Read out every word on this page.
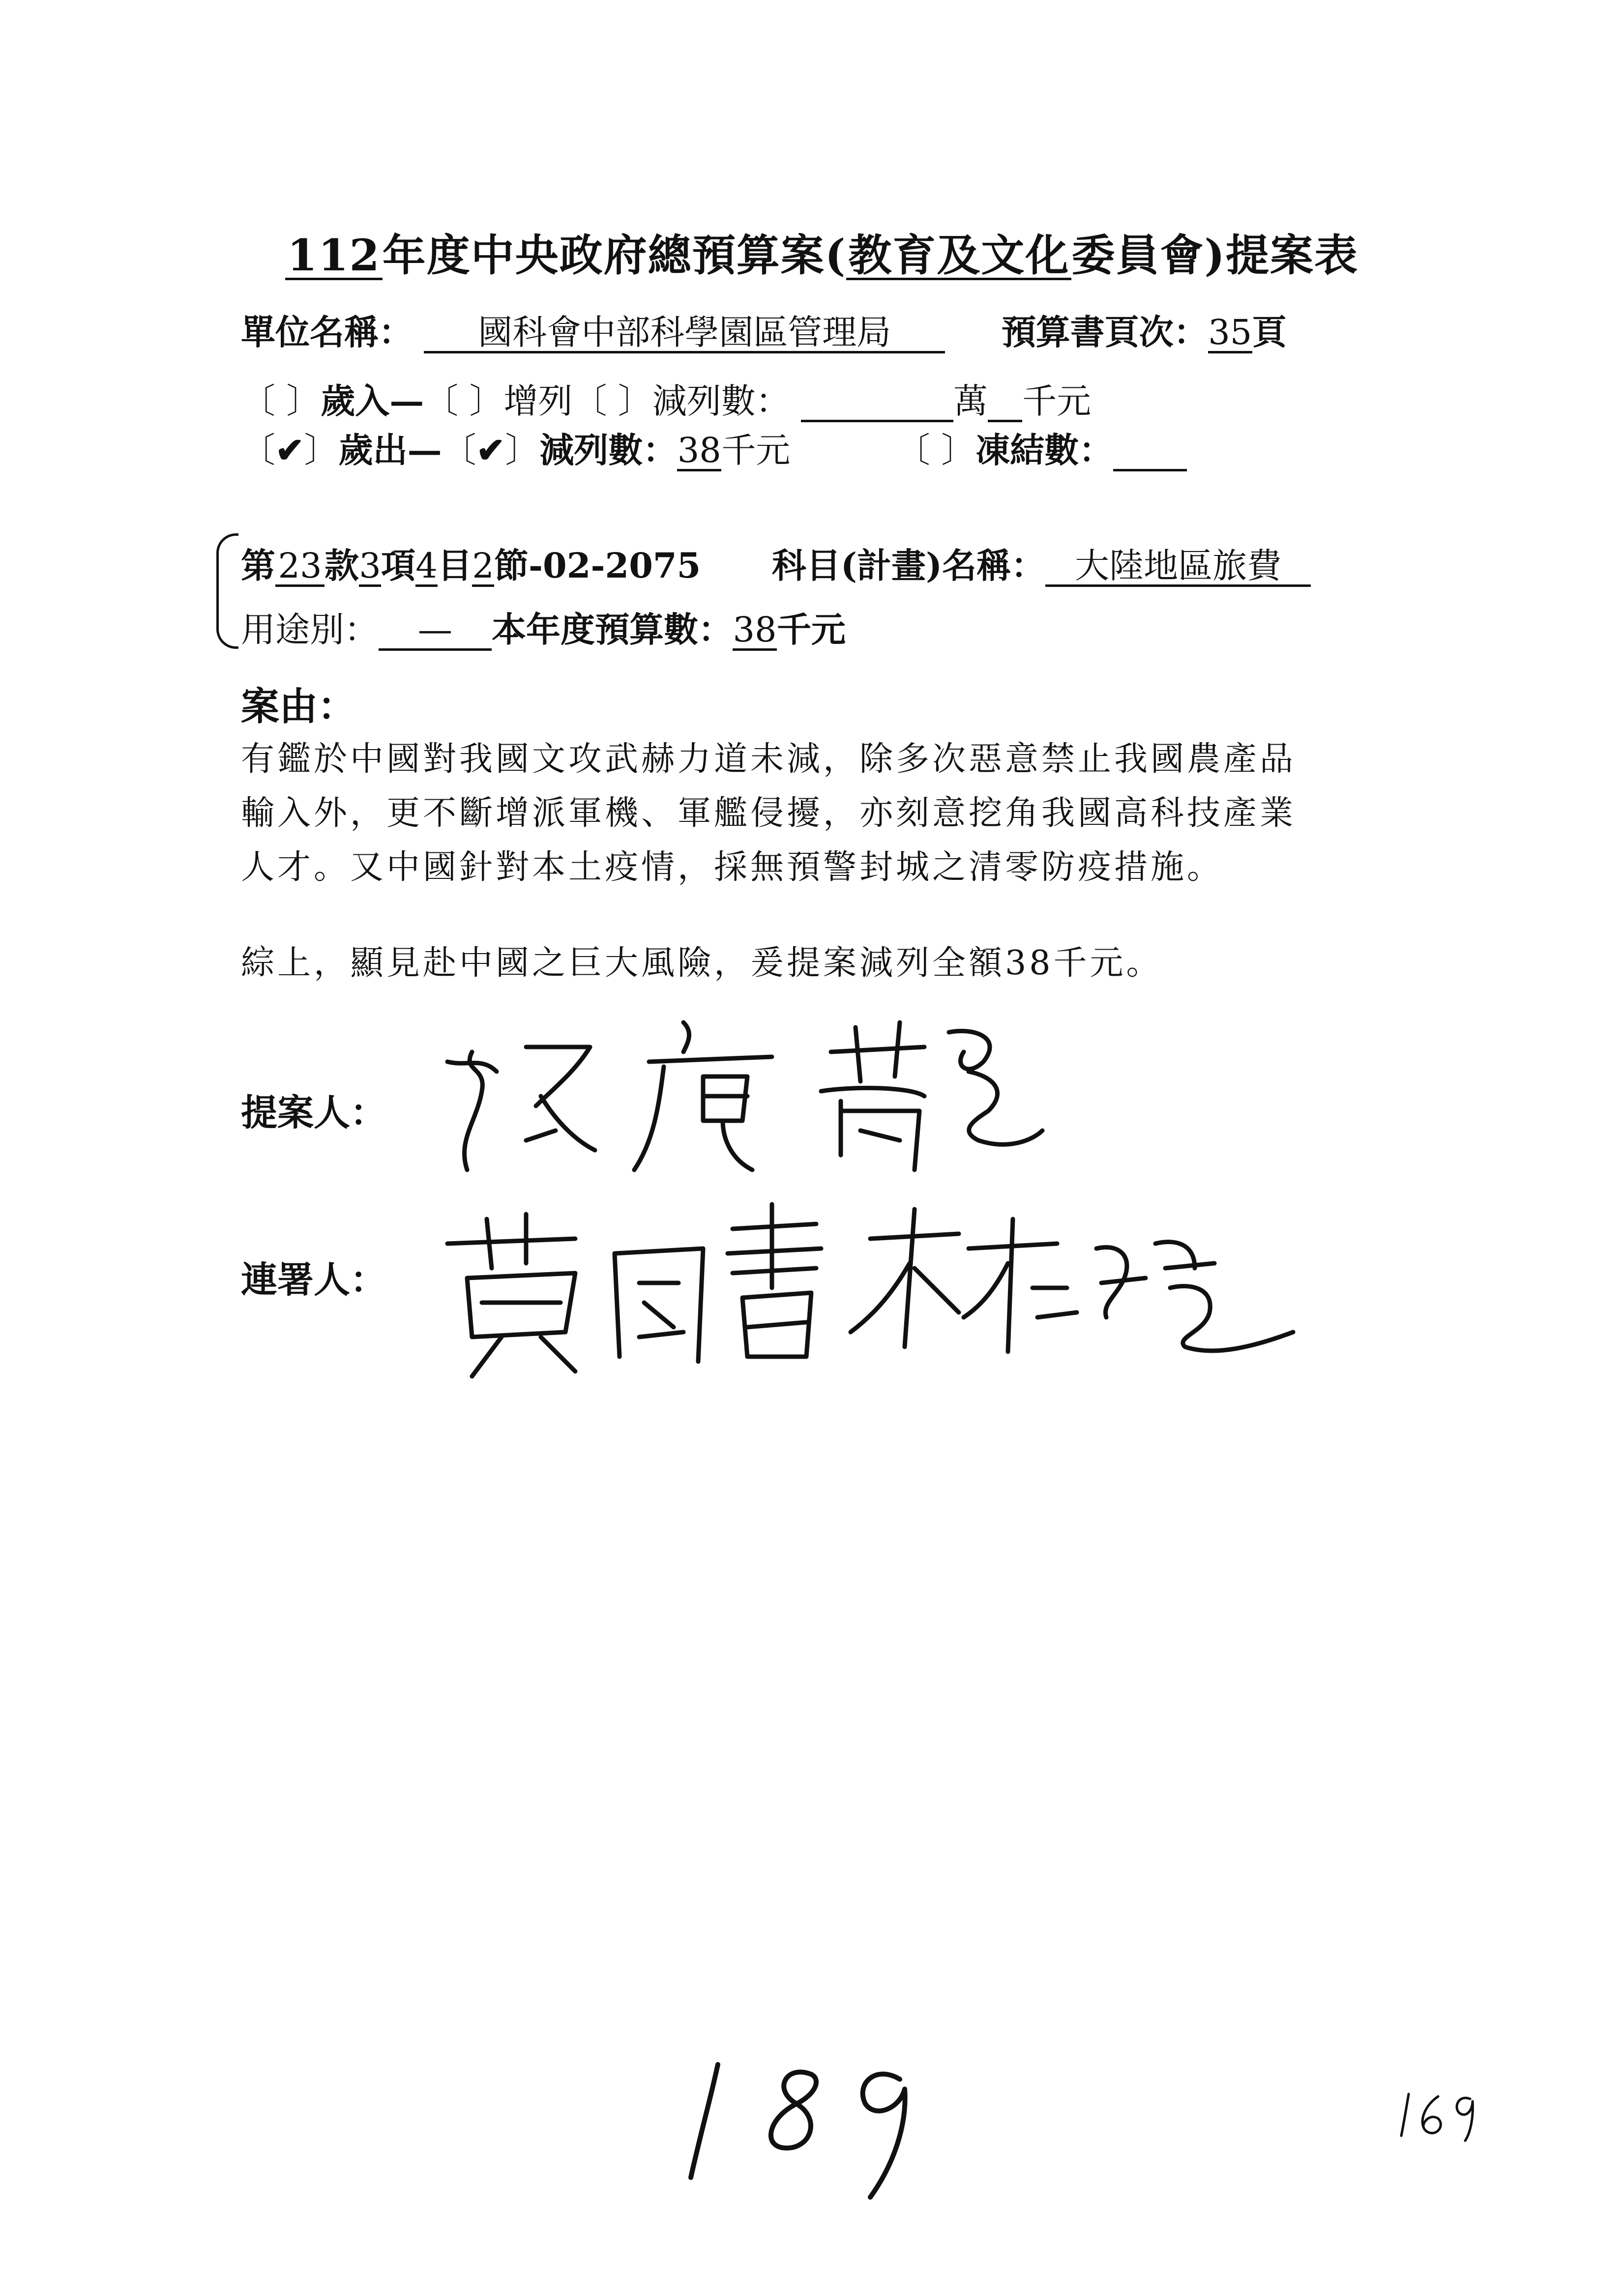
112年度中央政府總預算案(教育及文化委員會)提案表
單位名稱： 國科會中部科學園區管理局	預算書頁次：35頁
〔 〕歲入—〔 〕增列〔 〕減列數：	萬 千元
〔✔〕歲出—〔✔〕減列數：38千元	〔 〕凍結數：
第23款3項4目2節-02-2075 科目(計畫)名稱： 大陸地區旅費
用途別： — 本年度預算數：38千元
案由：
有鑑於中國對我國文攻武赫力道未減，除多次惡意禁止我國農產品
輸入外，更不斷增派軍機、軍艦侵擾，亦刻意挖角我國高科技產業
人才。又中國針對本土疫情，採無預警封城之清零防疫措施。
綜上，顯見赴中國之巨大風險，爰提案減列全額38千元。
提案人：
連署人：
189	169
